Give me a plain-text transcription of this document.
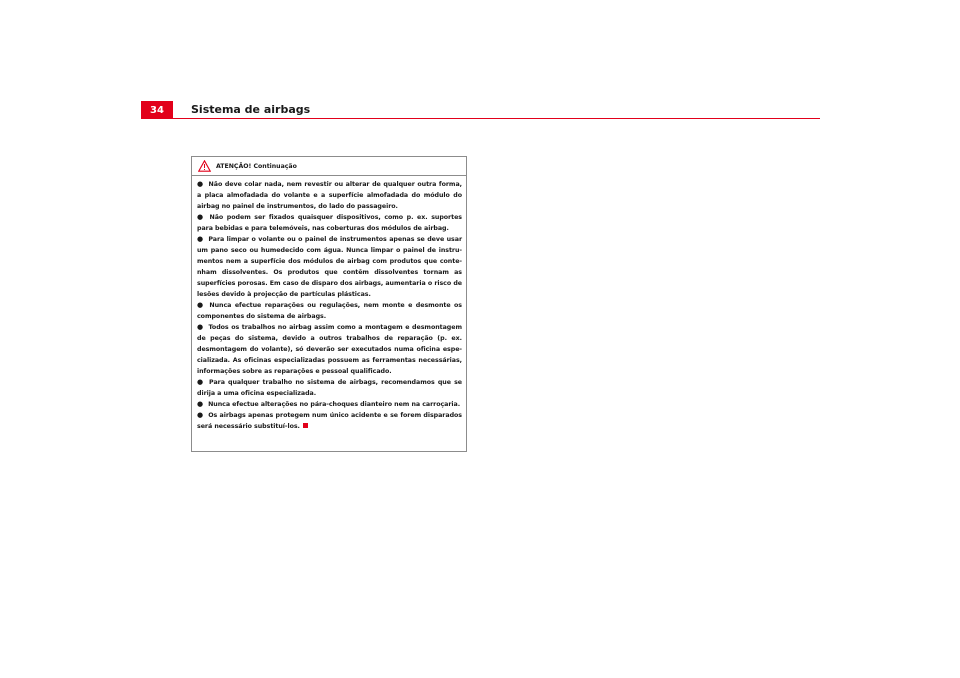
34	Sistema de airbags
ATENÇÃO! Continuação

● Não deve colar nada, nem revestir ou alterar de qualquer outra forma, a placa almofadada do volante e a superfície almofadada do módulo do airbag no painel de instrumentos, do lado do passageiro.

● Não podem ser fixados quaisquer dispositivos, como p. ex. suportes para bebidas e para telemóveis, nas coberturas dos módulos de airbag.

● Para limpar o volante ou o painel de instrumentos apenas se deve usar um pano seco ou humedecido com água. Nunca limpar o painel de instru-mentos nem a superfície dos módulos de airbag com produtos que conte-nham dissolventes. Os produtos que contêm dissolventes tornam as superfícies porosas. Em caso de disparo dos airbags, aumentaria o risco de lesões devido à projecção de partículas plásticas.

● Nunca efectue reparações ou regulações, nem monte e desmonte os componentes do sistema de airbags.

● Todos os trabalhos no airbag assim como a montagem e desmontagem de peças do sistema, devido a outros trabalhos de reparação (p. ex. desmontagem do volante), só deverão ser executados numa oficina espe-cializada. As oficinas especializadas possuem as ferramentas necessárias, informações sobre as reparações e pessoal qualificado.

● Para qualquer trabalho no sistema de airbags, recomendamos que se dirija a uma oficina especializada.

● Nunca efectue alterações no pára-choques dianteiro nem na carroçaria.

● Os airbags apenas protegem num único acidente e se forem disparados será necessário substituí-los.
